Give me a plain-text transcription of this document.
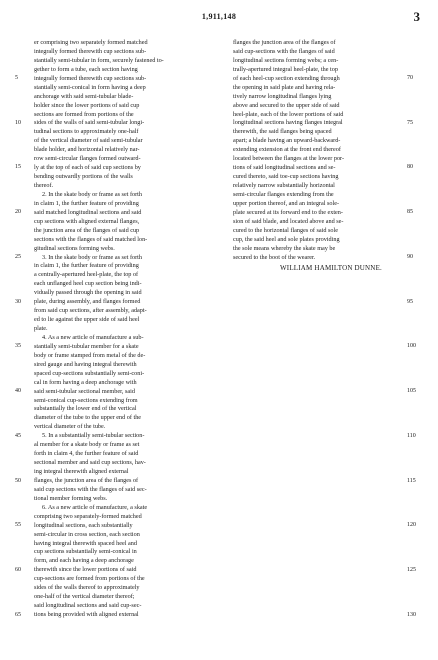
1,911,148	3
er comprising two separately formed matched
integrally formed therewith cup sections sub-
stantially semi-tubular in form, securely fastened to-
gether to form a tube, each section having
integrally formed therewith cup sections sub-
stantially semi-conical in form having a deep
anchorage with said semi-tubular blade-
holder since the lower portions of said cup
sections are formed from portions of the
sides of the walls of said semi-tubular longi-
tudinal sections to approximately one-half
of the vertical diameter of said semi-tubular
blade holder, and horizontal relatively nar-
row semi-circular flanges formed outward-
ly at the top of each of said cup sections by
bending outwardly portions of the walls
thereof.
2. In the skate body or frame as set forth
in claim 1, the further feature of providing
said matched longitudinal sections and said
cup sections with aligned external flanges,
the junction area of the flanges of said cup
sections with the flanges of said matched lon-
gitudinal sections forming webs.
3. In the skate body or frame as set forth
in claim 1, the further feature of providing
a centrally-apertured heel-plate, the top of
each unflanged heel cup section being indi-
vidually passed through the opening in said
plate, during assembly, and flanges formed
from said cup sections, after assembly, adapt-
ed to lie against the upper side of said heel
plate.
4. As a new article of manufacture a sub-
stantially semi-tubular member for a skate
body or frame stamped from metal of the de-
sired gauge and having integral therewith
spaced cup-sections substantially semi-coni-
cal in form having a deep anchorage with
said semi-tubular sectional member, said
semi-conical cup-sections extending from
substantially the lower end of the vertical
diameter of the tube to the upper end of the
vertical diameter of the tube.
5. In a substantially semi-tubular section-
al member for a skate body or frame as set
forth in claim 4, the further feature of said
sectional member and said cup sections, hav-
ing integral therewith aligned external
flanges, the junction area of the flanges of
said cup sections with the flanges of said sec-
tional member forming webs.
6. As a new article of manufacture, a skate
comprising two separately-formed matched
longitudinal sections, each substantially
semi-circular in cross section, each section
having integral therewith spaced heel and
cup sections substantially semi-conical in
form, and each having a deep anchorage
therewith since the lower portions of said
cup-sections are formed from portions of the
sides of the walls thereof to approximately
one-half of the vertical diameter thereof;
said longitudinal sections and said cup-sec-
tions being provided with aligned external
flanges the junction area of the flanges of
said cup-sections with the flanges of said
longitudinal sections forming webs; a cen-
trally-apertured integral heel-plate, the top
of each heel-cup section extending through
the opening in said plate and having rela-
tively narrow longitudinal flanges lying
above and secured to the upper side of said
heel-plate, each of the lower portions of said
longitudinal sections having flanges integral
therewith, the said flanges being spaced
apart; a blade having an upward-backward-
extending extension at the front end thereof
located between the flanges at the lower por-
tions of said longitudinal sections and se-
cured thereto, said toe-cup sections having
relatively narrow substantially horizontal
semi-circular flanges extending from the
upper portion thereof, and an integral sole-
plate secured at its forward end to the exten-
sion of said blade, and located above and se-
cured to the horizontal flanges of said sole
cup, the said heel and sole plates providing
the sole means whereby the skate may be
secured to the boot of the wearer.
WILLIAM HAMILTON DUNNE.
5
10
15
20
25
30
35
40
45
50
55
60
65
70
75
80
85
90
95
100
105
110
115
120
125
130
